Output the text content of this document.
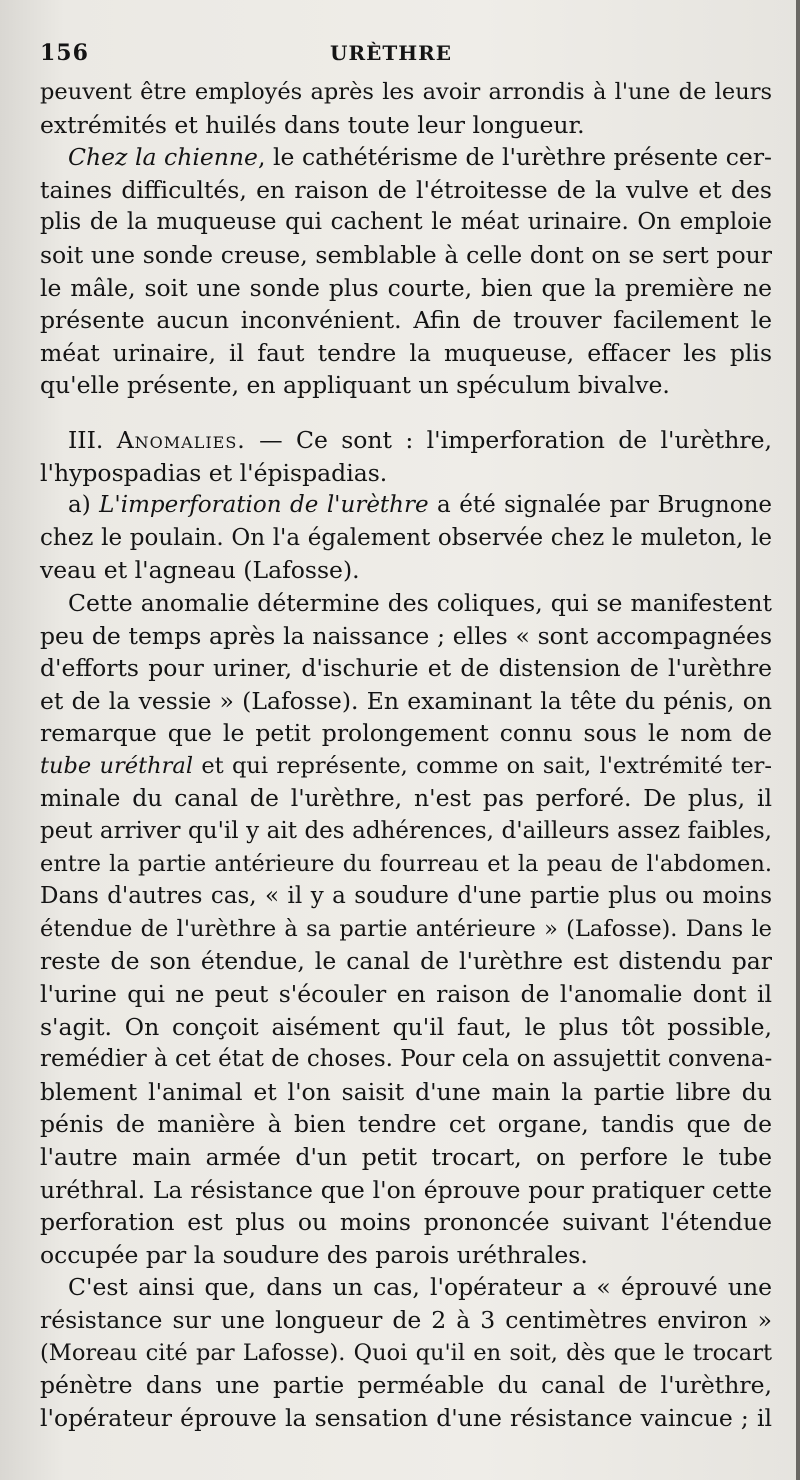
156	URÈTHRE
peuvent être employés après les avoir arrondis à l'une de leurs
extrémités et huilés dans toute leur longueur.
Chez la chienne, le cathétérisme de l'urèthre présente cer-
taines difficultés, en raison de l'étroitesse de la vulve et des
plis de la muqueuse qui cachent le méat urinaire. On emploie
soit une sonde creuse, semblable à celle dont on se sert pour
le mâle, soit une sonde plus courte, bien que la première ne
présente aucun inconvénient. Afin de trouver facilement le
méat urinaire, il faut tendre la muqueuse, effacer les plis
qu'elle présente, en appliquant un spéculum bivalve.
III. Anomalies. — Ce sont : l'imperforation de l'urèthre,
l'hypospadias et l'épispadias.
a) L'imperforation de l'urèthre a été signalée par Brugnone
chez le poulain. On l'a également observée chez le muleton, le
veau et l'agneau (Lafosse).
Cette anomalie détermine des coliques, qui se manifestent
peu de temps après la naissance ; elles « sont accompagnées
d'efforts pour uriner, d'ischurie et de distension de l'urèthre
et de la vessie » (Lafosse). En examinant la tête du pénis, on
remarque que le petit prolongement connu sous le nom de
tube uréthral et qui représente, comme on sait, l'extrémité ter-
minale du canal de l'urèthre, n'est pas perforé. De plus, il
peut arriver qu'il y ait des adhérences, d'ailleurs assez faibles,
entre la partie antérieure du fourreau et la peau de l'abdomen.
Dans d'autres cas, « il y a soudure d'une partie plus ou moins
étendue de l'urèthre à sa partie antérieure » (Lafosse). Dans le
reste de son étendue, le canal de l'urèthre est distendu par
l'urine qui ne peut s'écouler en raison de l'anomalie dont il
s'agit. On conçoit aisément qu'il faut, le plus tôt possible,
remédier à cet état de choses. Pour cela on assujettit convena-
blement l'animal et l'on saisit d'une main la partie libre du
pénis de manière à bien tendre cet organe, tandis que de
l'autre main armée d'un petit trocart, on perfore le tube
uréthral. La résistance que l'on éprouve pour pratiquer cette
perforation est plus ou moins prononcée suivant l'étendue
occupée par la soudure des parois uréthrales.
C'est ainsi que, dans un cas, l'opérateur a « éprouvé une
résistance sur une longueur de 2 à 3 centimètres environ »
(Moreau cité par Lafosse). Quoi qu'il en soit, dès que le trocart
pénètre dans une partie perméable du canal de l'urèthre,
l'opérateur éprouve la sensation d'une résistance vaincue ; il
